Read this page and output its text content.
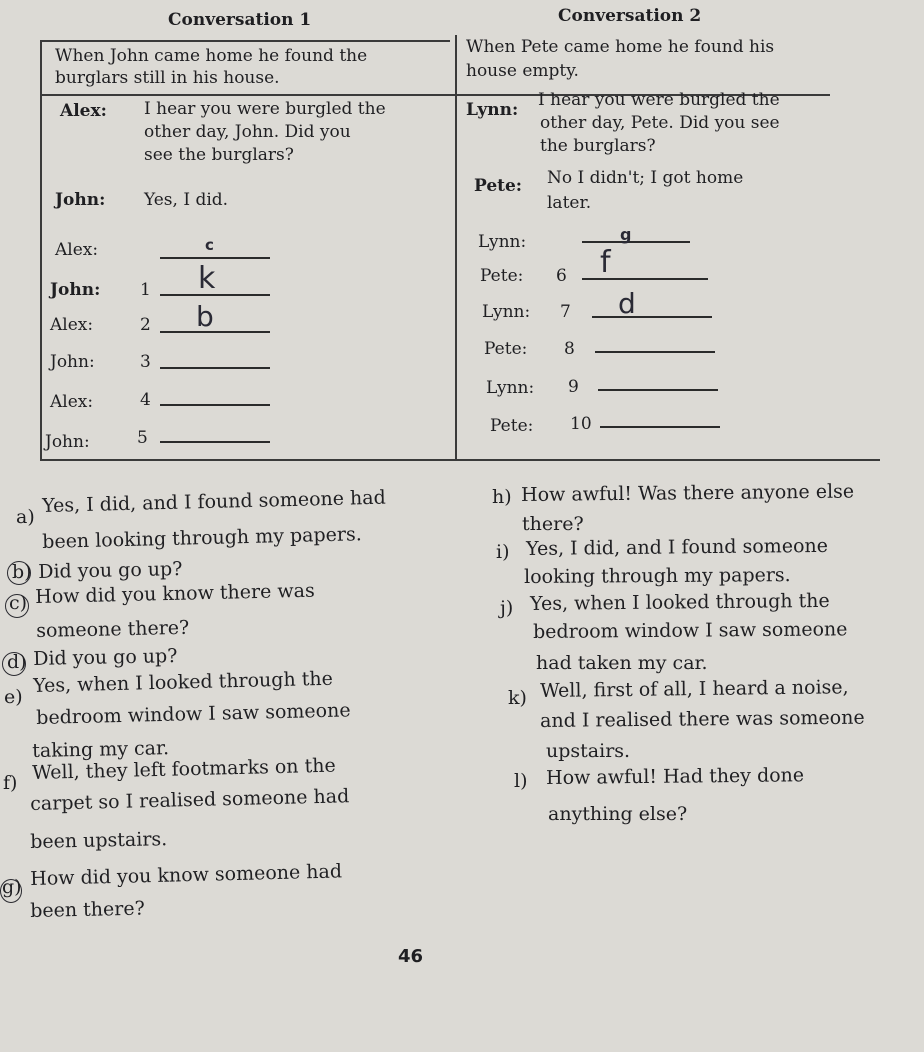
Conversation 1
When John came home he found the
burglars still in his house.
Alex: I hear you were burgled the
other day, John. Did you
see the burglars?
John: Yes, I did.
Alex:	c
John: 1 k
Alex:	2 b
John:	3
Alex:	4
John:	5
Conversation 2
When Pete came home he found his
house empty.
Lynn: I hear you were burgled the
other day, Pete. Did you see
the burglars?
Pete: No I didn't; I got home
later.
Lynn:	g
Pete: 6 f
Lynn: 7 d
Pete: 8
Lynn: 9
Pete: 10
a)
Yes, I did, and I found someone had
been looking through my papers.
b) Did you go up?
c) How did you know there was
someone there?
d) Did you go up?
e)
Yes, when I looked through the
bedroom window I saw someone
taking my car.
f) Well, they left footmarks on the
carpet so I realised someone had
been upstairs.
g) How did you know someone had
been there?
h) How awful! Was there anyone else
there?
i) Yes, I did, and I found someone
looking through my papers.
j) Yes, when I looked through the
bedroom window I saw someone
had taken my car.
k) Well, first of all, I heard a noise,
and I realised there was someone
upstairs.
l) How awful! Had they done
anything else?
46
